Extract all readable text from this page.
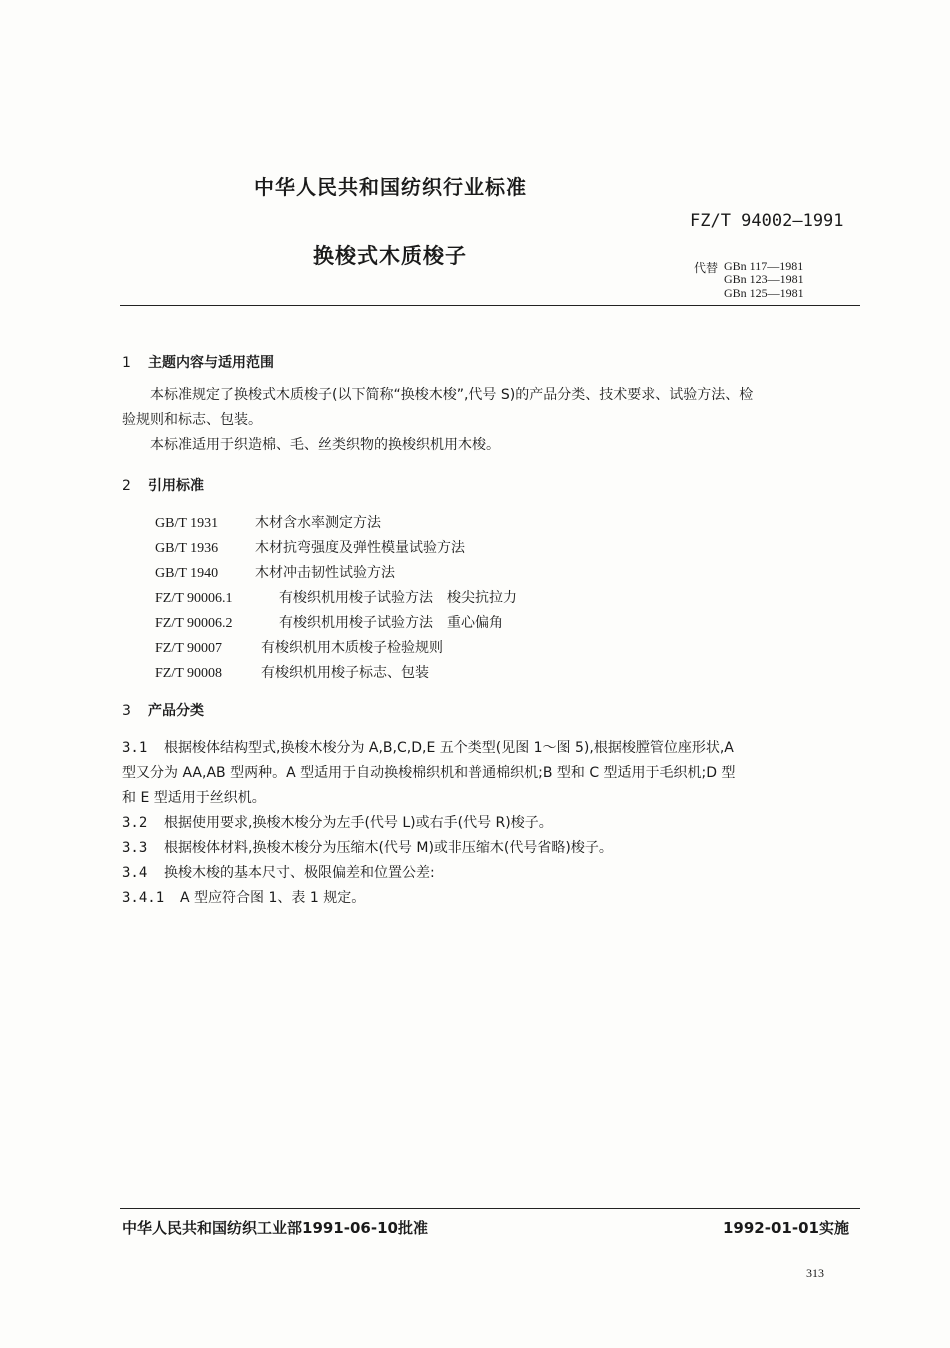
中华人民共和国纺织行业标准
FZ/T 94002—1991
换梭式木质梭子	代替 GBn 117—1981
GBn 123—1981
GBn 125—1981
1 主题内容与适用范围
本标准规定了换梭式木质梭子(以下简称“换梭木梭”,代号 S)的产品分类、技术要求、试验方法、检
验规则和标志、包装。
本标准适用于织造棉、毛、丝类织物的换梭织机用木梭。
2 引用标准
GB/T 1931	木材含水率测定方法
GB/T 1936	木材抗弯强度及弹性模量试验方法
GB/T 1940	木材冲击韧性试验方法
FZ/T 90006.1	有梭织机用梭子试验方法　梭尖抗拉力
FZ/T 90006.2	有梭织机用梭子试验方法　重心偏角
FZ/T 90007	有梭织机用木质梭子检验规则
FZ/T 90008	有梭织机用梭子标志、包装
3 产品分类
3.1 根据梭体结构型式,换梭木梭分为 A,B,C,D,E 五个类型(见图 1～图 5),根据梭膛管位座形状,A
型又分为 AA,AB 型两种。A 型适用于自动换梭棉织机和普通棉织机;B 型和 C 型适用于毛织机;D 型
和 E 型适用于丝织机。
3.2 根据使用要求,换梭木梭分为左手(代号 L)或右手(代号 R)梭子。
3.3 根据梭体材料,换梭木梭分为压缩木(代号 M)或非压缩木(代号省略)梭子。
3.4 换梭木梭的基本尺寸、极限偏差和位置公差:
3.4.1 A 型应符合图 1、表 1 规定。
中华人民共和国纺织工业部1991-06-10批准	1992-01-01实施
313
